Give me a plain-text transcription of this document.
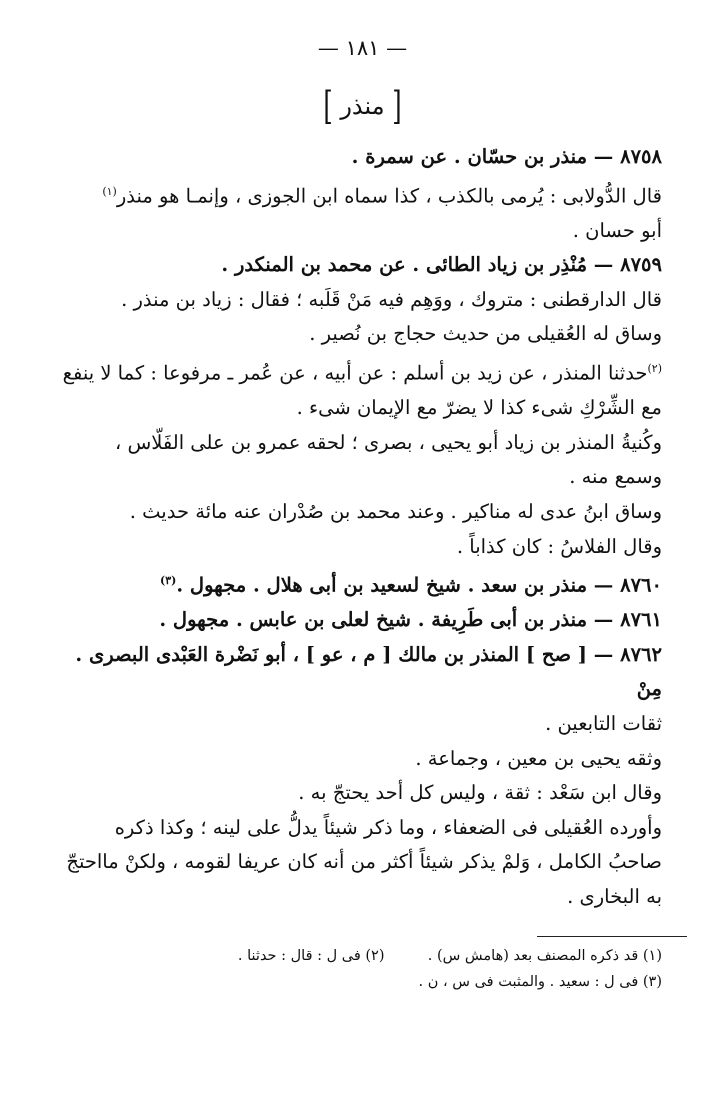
— ١٨١ —
[ منذر ]

٨٧٥٨ — منذر بن حسّان . عن سمرة .

قال الدُّولابى : يُرمى بالكذب ، كذا سماه ابن الجوزى ، وإنمـا هو منذر$^{(١)}$

أبو حسان .

٨٧٥٩ — مُنْذِر بن زياد الطائى . عن محمد بن المنكدر .

قال الدارقطنى : متروك ، ووَهِم فيه مَنْ قَلَبه ؛ فقال : زياد بن منذر .

وساق له العُقيلى من حديث حجاج بن نُصير .

$^{(٢)}$حدثنا المنذر ، عن زيد بن أسلم : عن أبيه ، عن عُمر ـ مرفوعا : كما لا ينفع

مع الشِّرْكِ شىء كذا لا يضرّ مع الإيمان شىء .

وكُنيةُ المنذر بن زياد أبو يحيى ، بصرى ؛ لحقه عمرو بن على الفَلّاس ، وسمع منه .

وساق ابنُ عدى له مناكير . وعند محمد بن صُدْران عنه مائة حديث .

وقال الفلاسُ : كان كذاباً .

٨٧٦٠ — منذر بن سعد . شيخ لسعيد بن أبى هلال . مجهول .$^{(٣)}$

٨٧٦١ — منذر بن أبى طَرِيفة . شيخ لعلى بن عابس . مجهول .

٨٧٦٢ — [ صح ] المنذر بن مالك [ م ، عو ] ، أبو نَضْرة العَبْدى البصرى . مِنْ

ثقات التابعين .

وثقه يحيى بن معين ، وجماعة .

وقال ابن سَعْد : ثقة ، وليس كل أحد يحتجّ به .

وأورده العُقيلى فى الضعفاء ، وما ذكر شيئاً يدلُّ على لينه ؛ وكذا ذكره

صاحبُ الكامل ، وَلمْ يذكر شيئاً أكثر من أنه كان عريفا لقومه ، ولكنْ مااحتجّ

به البخارى .

(١) قد ذكره المصنف بعد (هامش س) .  (٢) فى ل : قال : حدثنا .
(٣) فى ل : سعيد . والمثبت فى س ، ن .
